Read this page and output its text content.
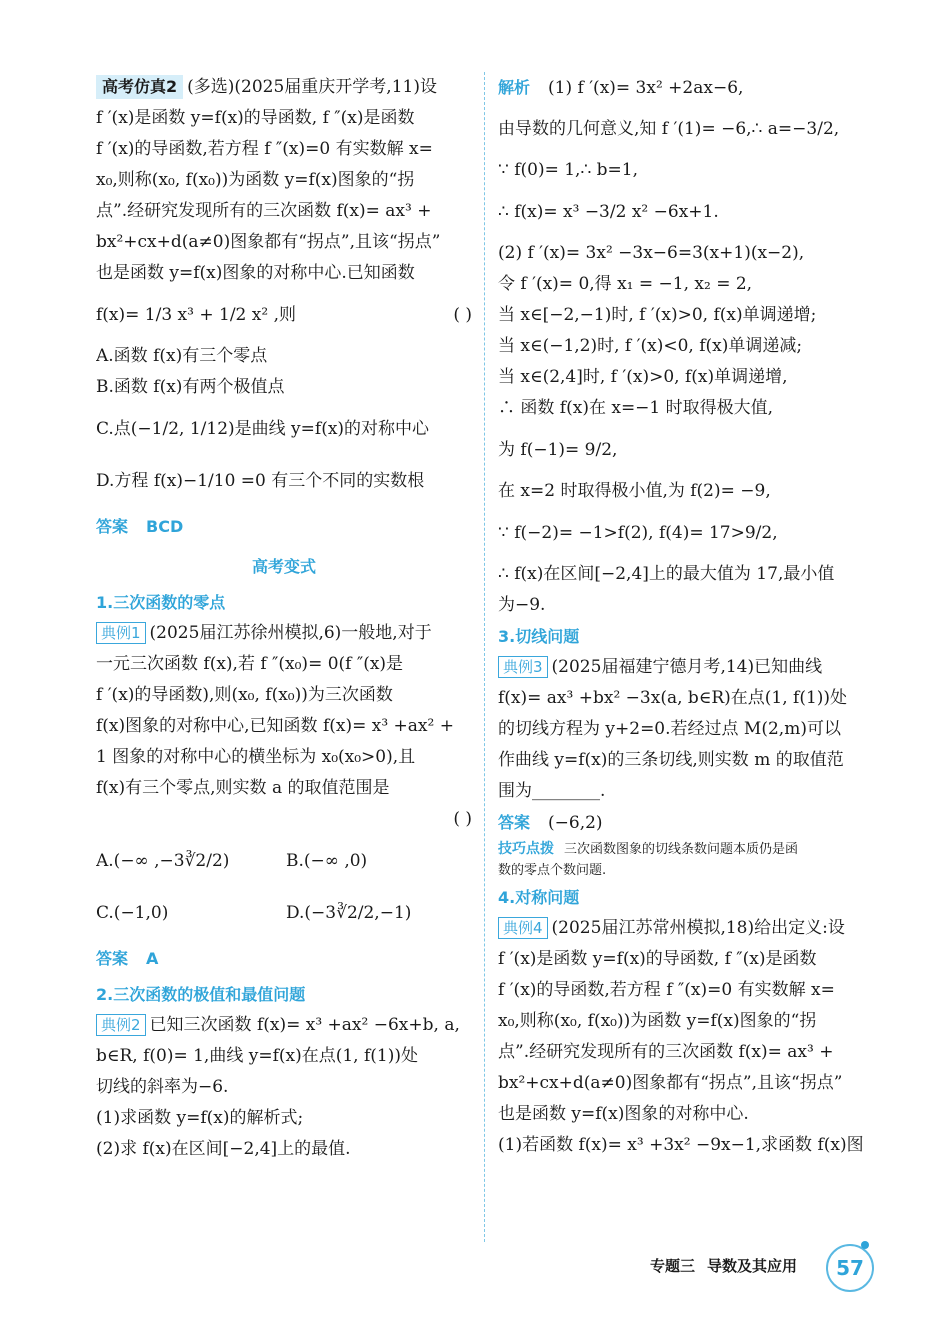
高考仿真2 (多选)(2025届重庆开学考,11)设
f ′(x)是函数 y=f(x)的导函数, f ″(x)是函数
f ′(x)的导函数,若方程 f ″(x)=0 有实数解 x=
x₀,则称(x₀, f(x₀))为函数 y=f(x)图象的“拐
点”.经研究发现所有的三次函数 f(x)= ax³ +
bx²+cx+d(a≠0)图象都有“拐点”,且该“拐点”
也是函数 y=f(x)图象的对称中心.已知函数
f(x)= 1/3 x³ + 1/2 x² ,则	( )
A.函数 f(x)有三个零点
B.函数 f(x)有两个极值点
C.点(−1/2, 1/12)是曲线 y=f(x)的对称中心
D.方程 f(x)−1/10 =0 有三个不同的实数根
答案 BCD
高考变式
1.三次函数的零点
典例1 (2025届江苏徐州模拟,6)一般地,对于
一元三次函数 f(x),若 f ″(x₀)= 0(f ″(x)是
f ′(x)的导函数),则(x₀, f(x₀))为三次函数
f(x)图象的对称中心,已知函数 f(x)= x³ +ax² +
1 图象的对称中心的横坐标为 x₀(x₀>0),且
f(x)有三个零点,则实数 a 的取值范围是
( )
A.(−∞ ,−3∛2/2)	B.(−∞ ,0)
C.(−1,0)	D.(−3∛2/2,−1)
答案 A
2.三次函数的极值和最值问题
典例2 已知三次函数 f(x)= x³ +ax² −6x+b, a,
b∈R, f(0)= 1,曲线 y=f(x)在点(1, f(1))处
切线的斜率为−6.
(1)求函数 y=f(x)的解析式;
(2)求 f(x)在区间[−2,4]上的最值.
解析 (1) f ′(x)= 3x² +2ax−6,
由导数的几何意义,知 f ′(1)= −6,∴ a=−3/2,
∵ f(0)= 1,∴ b=1,
∴ f(x)= x³ −3/2 x² −6x+1.
(2) f ′(x)= 3x² −3x−6=3(x+1)(x−2),
令 f ′(x)= 0,得 x₁ = −1, x₂ = 2,
当 x∈[−2,−1)时, f ′(x)>0, f(x)单调递增;
当 x∈(−1,2)时, f ′(x)<0, f(x)单调递减;
当 x∈(2,4]时, f ′(x)>0, f(x)单调递增,
∴ 函数 f(x)在 x=−1 时取得极大值,
为 f(−1)= 9/2,
在 x=2 时取得极小值,为 f(2)= −9,
∵ f(−2)= −1>f(2), f(4)= 17>9/2,
∴ f(x)在区间[−2,4]上的最大值为 17,最小值
为−9.
3.切线问题
典例3 (2025届福建宁德月考,14)已知曲线
f(x)= ax³ +bx² −3x(a, b∈R)在点(1, f(1))处
的切线方程为 y+2=0.若经过点 M(2,m)可以
作曲线 y=f(x)的三条切线,则实数 m 的取值范
围为________.
答案 (−6,2)
技巧点拨 三次函数图象的切线条数问题本质仍是函
数的零点个数问题.
4.对称问题
典例4 (2025届江苏常州模拟,18)给出定义:设
f ′(x)是函数 y=f(x)的导函数, f ″(x)是函数
f ′(x)的导函数,若方程 f ″(x)=0 有实数解 x=
x₀,则称(x₀, f(x₀))为函数 y=f(x)图象的“拐
点”.经研究发现所有的三次函数 f(x)= ax³ +
bx²+cx+d(a≠0)图象都有“拐点”,且该“拐点”
也是函数 y=f(x)图象的对称中心.
(1)若函数 f(x)= x³ +3x² −9x−1,求函数 f(x)图
专题三 导数及其应用	57
